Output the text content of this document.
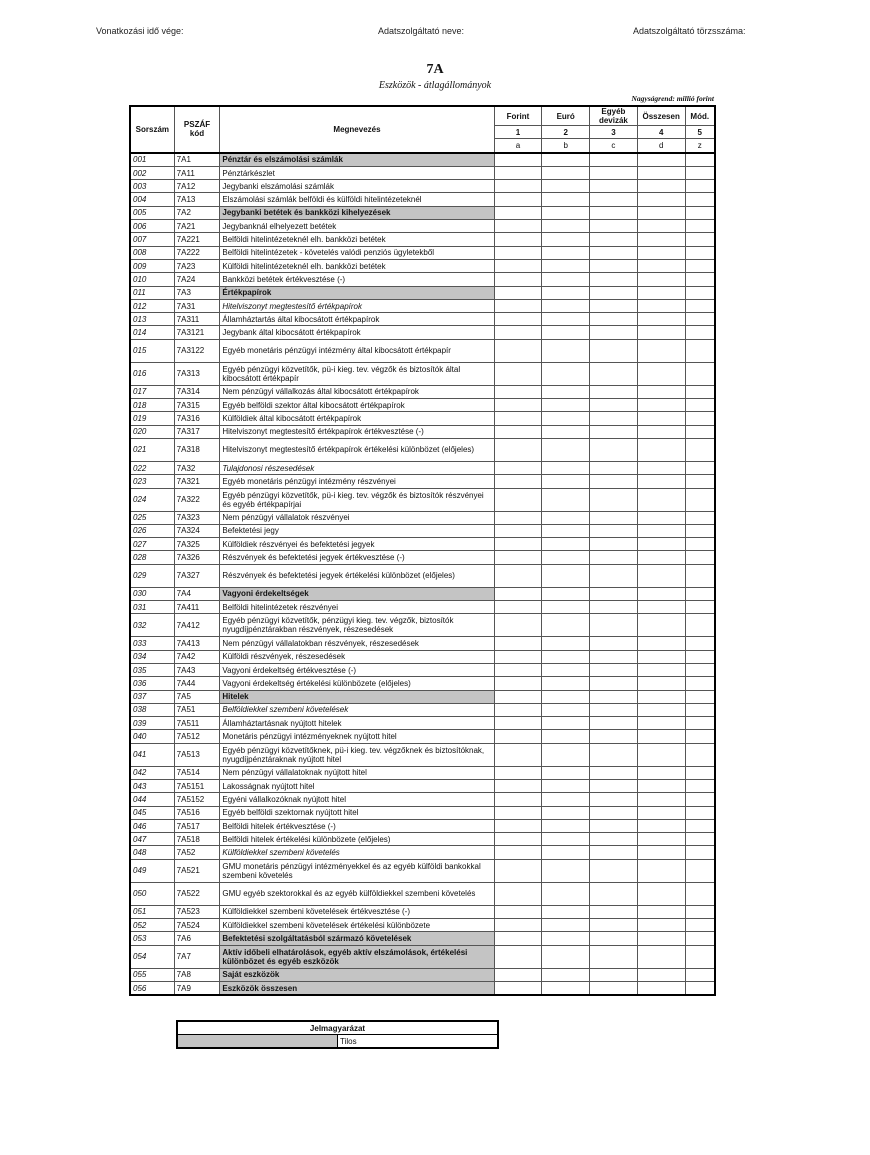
Vonatkozási idő vége:	Adatszolgáltató neve:	Adatszolgáltató törzsszáma:
7A
Eszközök - átlagállományok
Nagyságrend: millió forint
Sorszám	PSZÁF kód	Megnevezés	Forint	Euró	Egyéb devizák	Összesen	Mód.
			1	2	3	4	5
			a	b	c	d	z
001	7A1	Pénztár és elszámolási számlák					
002	7A11	Pénztárkészlet					
003	7A12	Jegybanki elszámolási számlák					
004	7A13	Elszámolási számlák belföldi és külföldi hitelintézeteknél					
005	7A2	Jegybanki betétek és bankközi kihelyezések					
006	7A21	Jegybanknál elhelyezett betétek					
007	7A221	Belföldi hitelintézeteknél elh. bankközi betétek					
008	7A222	Belföldi hitelintézetek - követelés valódi penziós ügyletekből					
009	7A23	Külföldi hitelintézeteknél elh. bankközi betétek					
010	7A24	Bankközi betétek értékvesztése (-)					
011	7A3	Értékpapírok					
012	7A31	Hitelviszonyt megtestesítő értékpapírok					
013	7A311	Államháztartás által kibocsátott értékpapírok					
014	7A3121	Jegybank által kibocsátott értékpapírok					
015	7A3122	Egyéb monetáris pénzügyi intézmény által kibocsátott értékpapír					
016	7A313	Egyéb pénzügyi közvetítők, pü-i kieg. tev. végzők és biztosítók által kibocsátott értékpapír					
017	7A314	Nem pénzügyi vállalkozás által kibocsátott értékpapírok					
018	7A315	Egyéb belföldi szektor által kibocsátott értékpapírok					
019	7A316	Külföldiek által kibocsátott értékpapírok					
020	7A317	Hitelviszonyt megtestesítő értékpapírok értékvesztése (-)					
021	7A318	Hitelviszonyt megtestesítő értékpapírok értékelési különbözet (előjeles)					
022	7A32	Tulajdonosi részesedések					
023	7A321	Egyéb monetáris pénzügyi intézmény részvényei					
024	7A322	Egyéb pénzügyi közvetítők, pü-i kieg. tev. végzők és biztosítók részvényei és egyéb értékpapírjai					
025	7A323	Nem pénzügyi vállalatok részvényei					
026	7A324	Befektetési jegy					
027	7A325	Külföldiek részvényei és befektetési jegyek					
028	7A326	Részvények és befektetési jegyek értékvesztése (-)					
029	7A327	Részvények és befektetési jegyek értékelési különbözet (előjeles)					
030	7A4	Vagyoni érdekeltségek					
031	7A411	Belföldi hitelintézetek részvényei					
032	7A412	Egyéb pénzügyi közvetítők, pénzügyi kieg. tev. végzők, biztosítók nyugdíjpénztárakban részvények, részesedések					
033	7A413	Nem pénzügyi vállalatokban részvények, részesedések					
034	7A42	Külföldi részvények, részesedések					
035	7A43	Vagyoni érdekeltség értékvesztése (-)					
036	7A44	Vagyoni érdekeltség értékelési különbözete (előjeles)					
037	7A5	Hitelek					
038	7A51	Belföldiekkel szembeni követelések					
039	7A511	Államháztartásnak nyújtott hitelek					
040	7A512	Monetáris pénzügyi intézményeknek nyújtott hitel					
041	7A513	Egyéb pénzügyi közvetítőknek, pü-i kieg. tev. végzőknek és biztosítóknak, nyugdíjpénztáraknak nyújtott hitel					
042	7A514	Nem pénzügyi vállalatoknak nyújtott hitel					
043	7A5151	Lakosságnak nyújtott hitel					
044	7A5152	Egyéni vállalkozóknak nyújtott hitel					
045	7A516	Egyéb belföldi szektornak nyújtott hitel					
046	7A517	Belföldi hitelek értékvesztése (-)					
047	7A518	Belföldi hitelek értékelési különbözete (előjeles)					
048	7A52	Külföldiekkel szembeni követelés					
049	7A521	GMU monetáris pénzügyi intézményekkel és az egyéb külföldi bankokkal szembeni követelés					
050	7A522	GMU egyéb szektorokkal és az egyéb külföldiekkel szembeni követelés					
051	7A523	Külföldiekkel szembeni követelések értékvesztése (-)					
052	7A524	Külföldiekkel szembeni követelések értékelési különbözete					
053	7A6	Befektetési szolgáltatásból származó követelések					
054	7A7	Aktív időbeli elhatárolások, egyéb aktív elszámolások, értékelési különbözet és egyéb eszközök					
055	7A8	Saját eszközök					
056	7A9	Eszközök összesen					
Jelmagyarázat
	Tilos
